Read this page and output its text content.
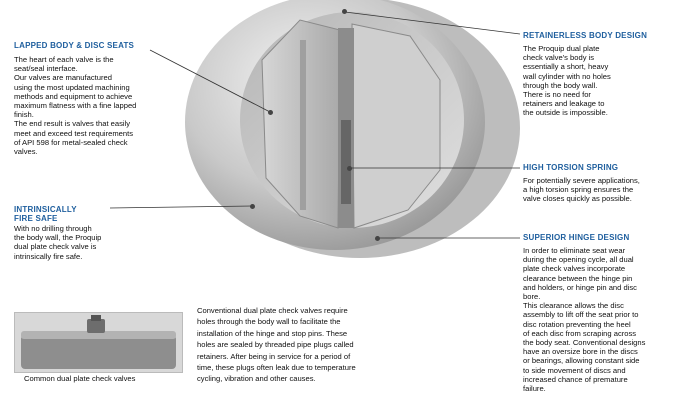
LAPPED BODY & DISC SEATS

The heart of each valve is the

seat/seal interface.

Our valves are manufactured

using the most updated machining

methods and equipment to achieve

maximum flatness with a fine lapped

finish.

The end result is valves that easily

meet and exceed test requirements

of API 598 for metal-sealed check

valves.

INTRINSICALLY
FIRE SAFE

With no drilling through

the body wall, the Proquip

dual plate check valve is

intrinsically fire safe.

RETAINERLESS BODY DESIGN

The Proquip dual plate

check valve's body is

essentially a short, heavy

wall cylinder with no holes

through the body wall.

There is no need for

retainers and leakage to

the outside is impossible.

HIGH TORSION SPRING

For potentially severe applications,

a high torsion spring ensures the

valve closes quickly as possible.

SUPERIOR HINGE DESIGN

In order to eliminate seat wear

during the opening cycle, all dual

plate check valves incorporate

clearance between the hinge pin

and holders, or hinge pin and disc

bore.

This clearance allows the disc

assembly to lift off the seat prior to

disc rotation preventing the heel

of each disc from scraping across

the body seat. Conventional designs

have an oversize bore in the discs

or bearings, allowing constant side

to side movement of discs and

increased chance of premature

failure.

Conventional dual plate check valves require

holes through the body wall to facilitate the

installation of the hinge and stop pins. These

holes are sealed by threaded pipe plugs called

retainers. After being in service for a period of

time, these plugs often leak due to temperature

cycling, vibration and other causes.

Common dual plate check valves
